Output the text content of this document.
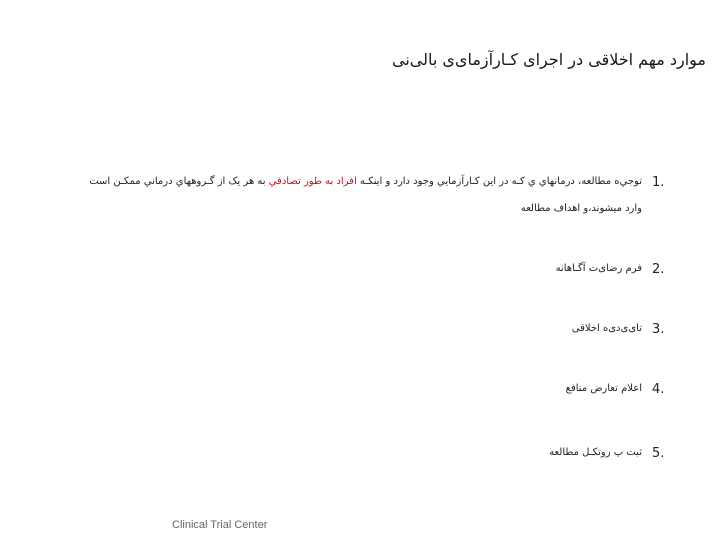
موارد مهم اخلاقی در اجرای کـارآزمای‌ی بالی‌نی
1.
توجي‌ه مطالعه، درمانهاي ي كـه در اين كـارآزمايي وجود دارد و اينكـه افراد به طور تصادفي به هر يک از گـروههاي درماني ممكـن است
وارد ميشوند،‌و اهداف مطالعه
2.
فرم رضای‌ت آگـاهانه
3.
تای‌ی‌دی‌ه اخلاقی
4.
اعلام تعارض منافع
5.
ثبت پ روتکـل مطالعه
Clinical Trial Center
